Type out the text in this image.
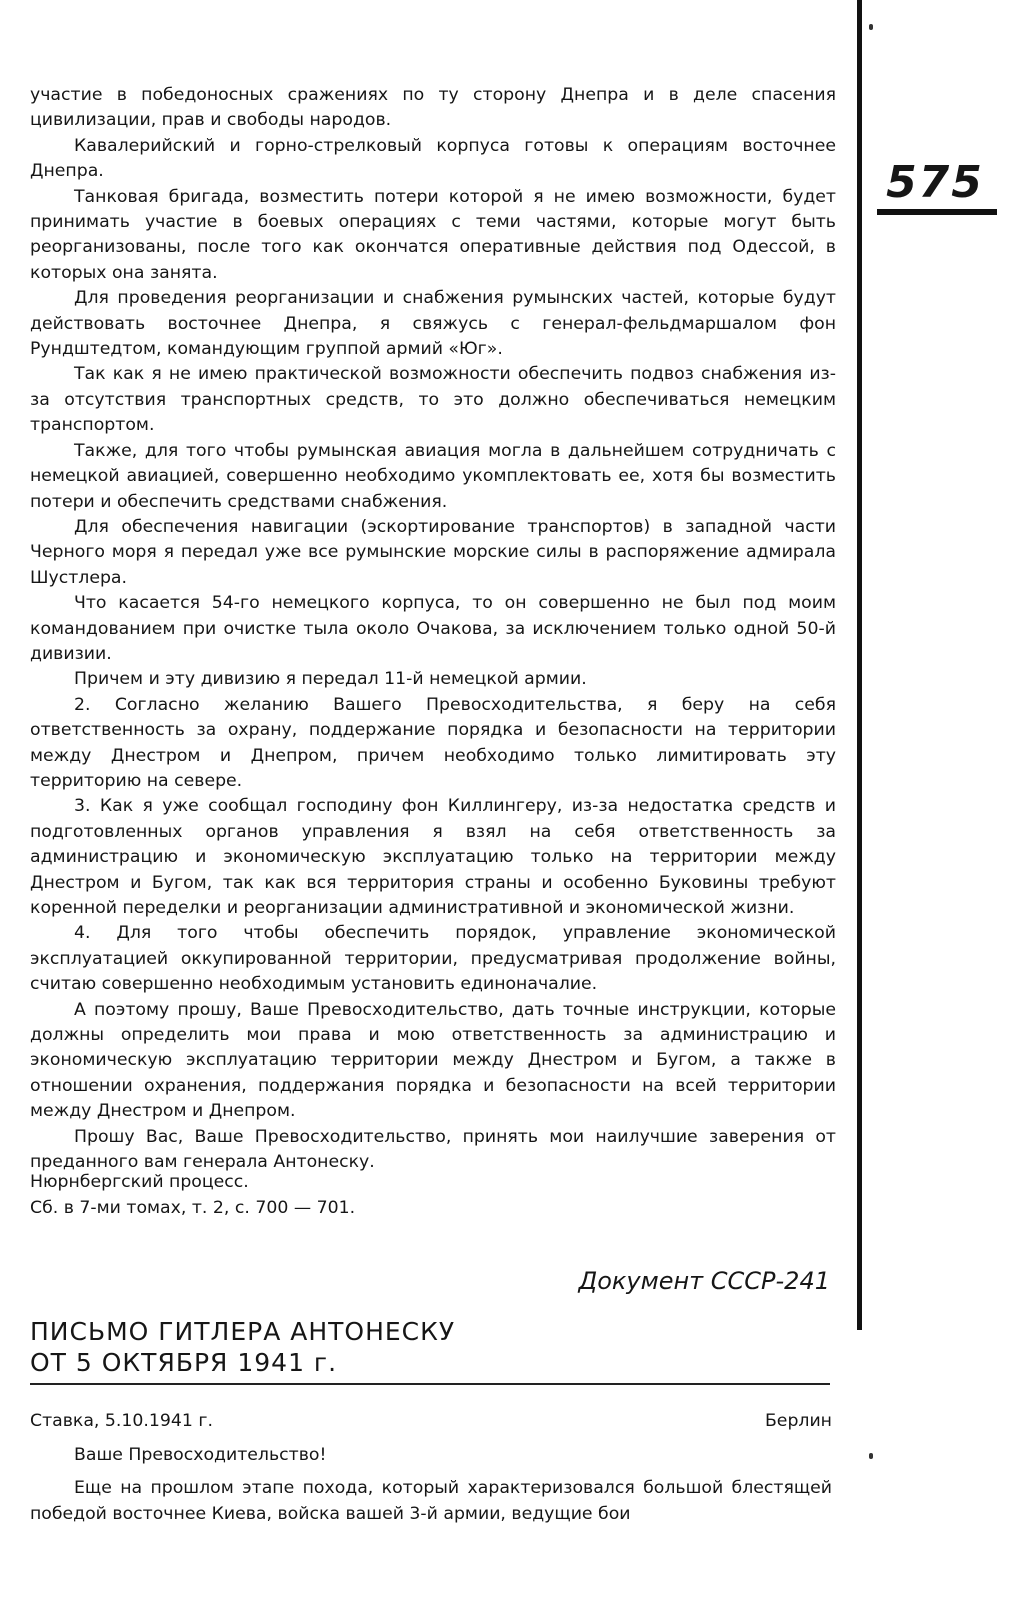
575

участие в победоносных сражениях по ту сторону Днепра и в деле спасения цивилизации, прав и свободы народов.

Кавалерийский и горно-стрелковый корпуса готовы к операциям восточнее Днепра.

Танковая бригада, возместить потери которой я не имею возможности, будет принимать участие в боевых операциях с теми частями, которые могут быть реорганизованы, после того как окончатся оперативные действия под Одессой, в которых она занята.

Для проведения реорганизации и снабжения румынских частей, которые будут действовать восточнее Днепра, я свяжусь с генерал-фельдмаршалом фон Рундштедтом, командующим группой армий «Юг».

Так как я не имею практической возможности обеспечить подвоз снабжения из-за отсутствия транспортных средств, то это должно обеспечиваться немецким транспортом.

Также, для того чтобы румынская авиация могла в дальнейшем сотрудничать с немецкой авиацией, совершенно необходимо укомплектовать ее, хотя бы возместить потери и обеспечить средствами снабжения.

Для обеспечения навигации (эскортирование транспортов) в западной части Черного моря я передал уже все румынские морские силы в распоряжение адмирала Шустлера.

Что касается 54-го немецкого корпуса, то он совершенно не был под моим командованием при очистке тыла около Очакова, за исключением только одной 50-й дивизии.

Причем и эту дивизию я передал 11-й немецкой армии.

2. Согласно желанию Вашего Превосходительства, я беру на себя ответственность за охрану, поддержание порядка и безопасности на территории между Днестром и Днепром, причем необходимо только лимитировать эту территорию на севере.

3. Как я уже сообщал господину фон Киллингеру, из-за недостатка средств и подготовленных органов управления я взял на себя ответственность за администрацию и экономическую эксплуатацию только на территории между Днестром и Бугом, так как вся территория страны и особенно Буковины требуют коренной переделки и реорганизации административной и экономической жизни.

4. Для того чтобы обеспечить порядок, управление экономической эксплуатацией оккупированной территории, предусматривая продолжение войны, считаю совершенно необходимым установить единоначалие.

А поэтому прошу, Ваше Превосходительство, дать точные инструкции, которые должны определить мои права и мою ответственность за администрацию и экономическую эксплуатацию территории между Днестром и Бугом, а также в отношении охранения, поддержания порядка и безопасности на всей территории между Днестром и Днепром.

Прошу Вас, Ваше Превосходительство, принять мои наилучшие заверения от преданного вам генерала Антонеску.

Нюрнбергский процесс.
Сб. в 7-ми томах, т. 2, с. 700 — 701.
Документ СССР-241
ПИСЬМО ГИТЛЕРА АНТОНЕСКУ
ОТ 5 ОКТЯБРЯ 1941 г.
Ставка, 5.10.1941 г.	Берлин

Ваше Превосходительство!

Еще на прошлом этапе похода, который характеризовался большой блестящей победой восточнее Киева, войска вашей 3-й армии, ведущие бои
